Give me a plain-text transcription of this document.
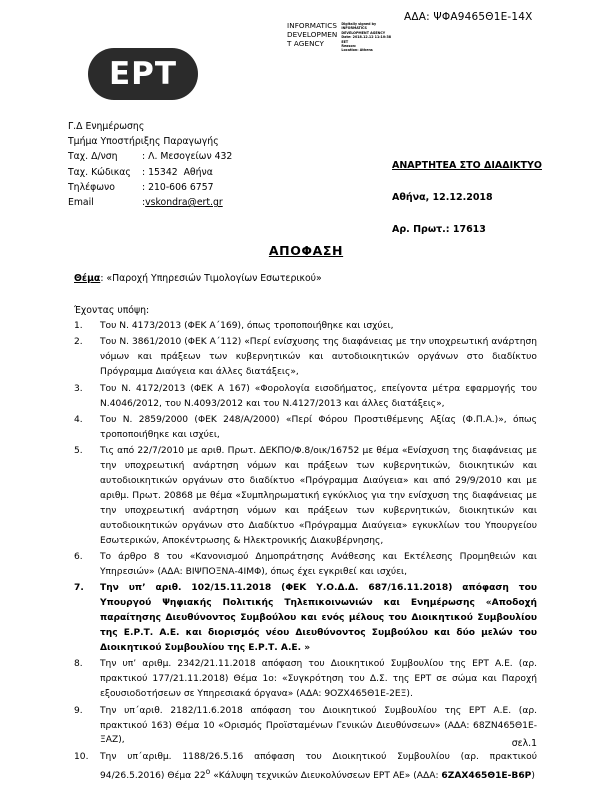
ΑΔΑ: ΨΦΑ9465Θ1Ε-14Χ
INFORMATICS
DEVELOPMEN
T AGENCY
Digitally signed by
INFORMATICS
DEVELOPMENT AGENCY
Date: 2018.12.12 11:10:38
EET
Reason:
Location: Athens
EPT
Γ.Δ Ενημέρωσης
Τμήμα Υποστήριξης Παραγωγής
Ταχ. Δ/νση	: Λ. Μεσογείων 432
Ταχ. Κώδικας	: 15342  Αθήνα
Τηλέφωνο	: 210-606 6757
Email	:vskondra@ert.gr
ΑΝΑΡΤΗΤΕΑ ΣΤΟ ΔΙΑΔΙΚΤΥΟ
Αθήνα, 12.12.2018
Αρ. Πρωτ.: 17613
ΑΠΟΦΑΣΗ
Θέμα: «Παροχή Υπηρεσιών Τιμολογίων Εσωτερικού»
Έχοντας υπόψη:
1.	Του Ν. 4173/2013 (ΦΕΚ Α΄169), όπως τροποποιήθηκε και ισχύει,
2.	Του Ν. 3861/2010 (ΦΕΚ Α΄112) «Περί ενίσχυσης της διαφάνειας με την υποχρεωτική ανάρτηση νόμων και πράξεων των κυβερνητικών και αυτοδιοικητικών οργάνων στο διαδίκτυο Πρόγραμμα Διαύγεια και άλλες διατάξεις»,
3.	Του Ν. 4172/2013 (ΦΕΚ Α 167) «Φορολογία εισοδήματος, επείγοντα μέτρα εφαρμογής του Ν.4046/2012, του Ν.4093/2012 και του Ν.4127/2013 και άλλες διατάξεις»,
4.	Του Ν. 2859/2000 (ΦΕΚ 248/Α/2000) «Περί Φόρου Προστιθέμενης Αξίας (Φ.Π.Α.)», όπως τροποποιήθηκε και ισχύει,
5.	Τις από 22/7/2010 με αριθ. Πρωτ. ΔΕΚΠΟ/Φ.8/οικ/16752 με θέμα «Ενίσχυση της διαφάνειας με την υποχρεωτική ανάρτηση νόμων και πράξεων των κυβερνητικών, διοικητικών και αυτοδιοικητικών οργάνων στο διαδίκτυο «Πρόγραμμα Διαύγεια» και από 29/9/2010 και με αριθμ. Πρωτ. 20868 με θέμα «Συμπληρωματική εγκύκλιος για την ενίσχυση της διαφάνειας με την υποχρεωτική ανάρτηση νόμων και πράξεων των κυβερνητικών, διοικητικών και αυτοδιοικητικών οργάνων στο Διαδίκτυο «Πρόγραμμα Διαύγεια» εγκυκλίων του Υπουργείου Εσωτερικών, Αποκέντρωσης & Ηλεκτρονικής Διακυβέρνησης,
6.	Το άρθρο 8 του «Κανονισμού Δημοπράτησης Ανάθεσης και Εκτέλεσης Προμηθειών και Υπηρεσιών» (ΑΔΑ: ΒΙΨΠΟΞΝΑ-4ΙΜΦ), όπως έχει εγκριθεί και ισχύει,
7.	Την υπ’ αριθ. 102/15.11.2018 (ΦΕΚ Υ.Ο.Δ.Δ. 687/16.11.2018) απόφαση του Υπουργού Ψηφιακής Πολιτικής Τηλεπικοινωνιών και Ενημέρωσης «Αποδοχή παραίτησης Διευθύνοντος Συμβούλου και ενός μέλους του Διοικητικού Συμβουλίου της Ε.Ρ.Τ. Α.Ε. και διορισμός νέου Διευθύνοντος Συμβούλου και δύο μελών του Διοικητικού Συμβουλίου της Ε.Ρ.Τ. Α.Ε. »
8.	Την υπ’ αριθμ. 2342/21.11.2018 απόφαση του Διοικητικού Συμβουλίου της ΕΡΤ Α.Ε. (αρ. πρακτικού 177/21.11.2018) Θέμα 1ο: «Συγκρότηση του Δ.Σ. της ΕΡΤ σε σώμα και Παροχή εξουσιοδοτήσεων σε Υπηρεσιακά όργανα» (ΑΔΑ: 9ΟΖΧ465Θ1Ε-2ΕΞ).
9.	Την υπ΄αριθ. 2182/11.6.2018 απόφαση του Διοικητικού Συμβουλίου της ΕΡΤ Α.Ε. (αρ. πρακτικού 163) Θέμα 10 «Ορισμός Προϊσταμένων Γενικών Διευθύνσεων» (ΑΔΑ: 68ΖΝ465Θ1Ε-ΞΑΖ),
10.	Την υπ΄αριθμ. 1188/26.5.16 απόφαση του Διοικητικού Συμβουλίου (αρ. πρακτικού 94/26.5.2016) Θέμα $22^o$ «Κάλυψη τεχνικών Διευκολύνσεων ΕΡΤ ΑΕ» (ΑΔΑ: 6ΖΑΧ465Θ1Ε-Β6Ρ)
σελ.1
